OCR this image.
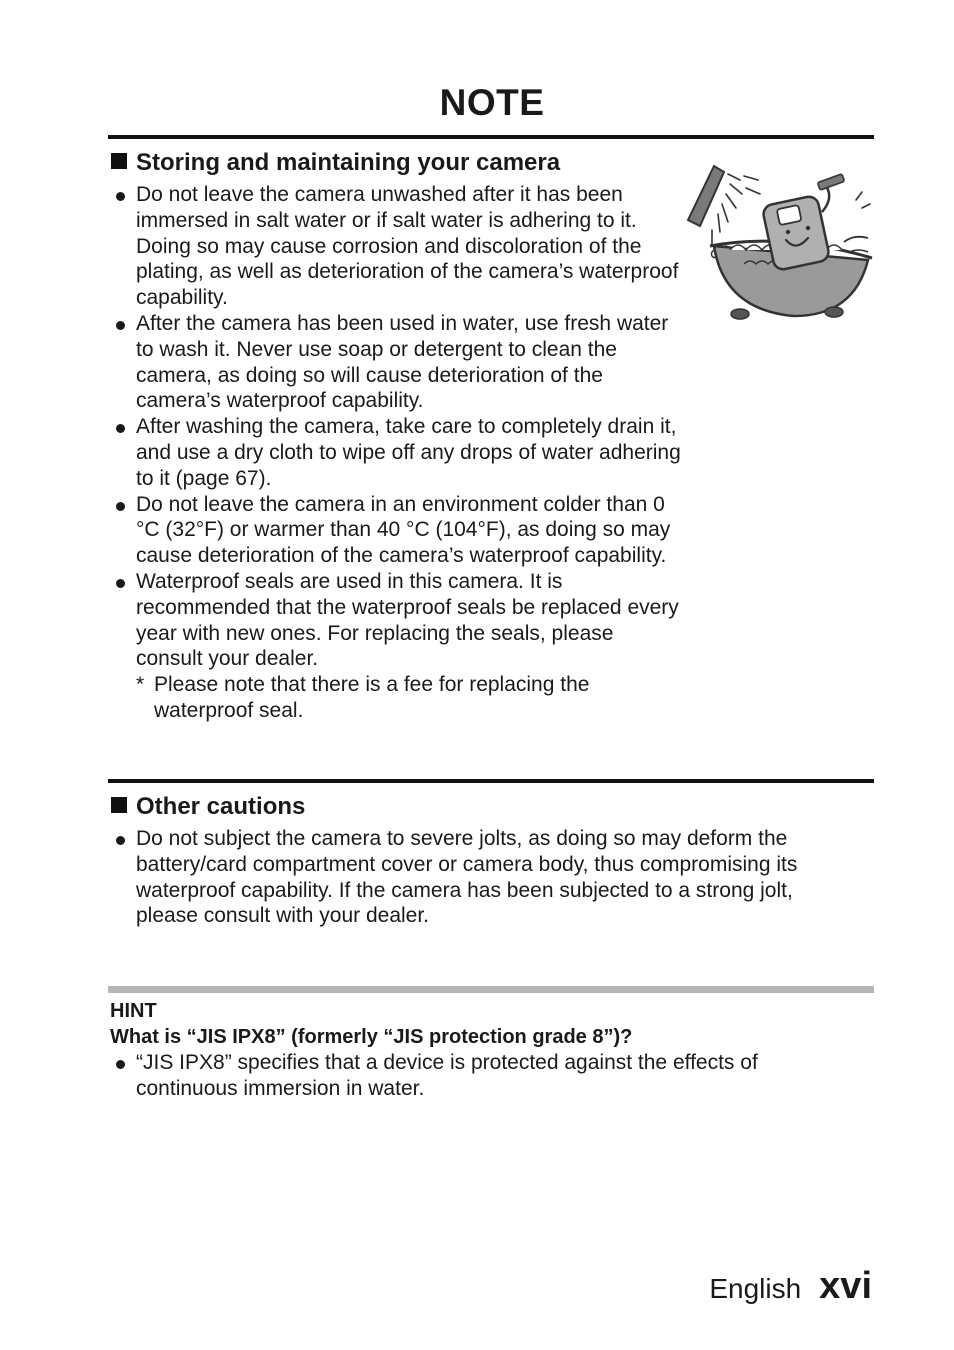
NOTE
Storing and maintaining your camera
Do not leave the camera unwashed after it has been immersed in salt water or if salt water is adhering to it. Doing so may cause corrosion and discoloration of the plating, as well as deterioration of the camera’s waterproof capability.
After the camera has been used in water, use fresh water to wash it. Never use soap or detergent to clean the camera, as doing so will cause deterioration of the camera’s waterproof capability.
After washing the camera, take care to completely drain it, and use a dry cloth to wipe off any drops of water adhering to it (page 67).
Do not leave the camera in an environment colder than 0 °C (32°F) or warmer than 40 °C (104°F), as doing so may cause deterioration of the camera’s waterproof capability.
Waterproof seals are used in this camera. It is recommended that the waterproof seals be replaced every year with new ones. For replacing the seals, please consult your dealer.
* Please note that there is a fee for replacing the waterproof seal.
Other cautions
Do not subject the camera to severe jolts, as doing so may deform the battery/card compartment cover or camera body, thus compromising its waterproof capability. If the camera has been subjected to a strong jolt, please consult with your dealer.
HINT
What is “JIS IPX8” (formerly “JIS protection grade 8”)?
“JIS IPX8” specifies that a device is protected against the effects of continuous immersion in water.
English xvi
